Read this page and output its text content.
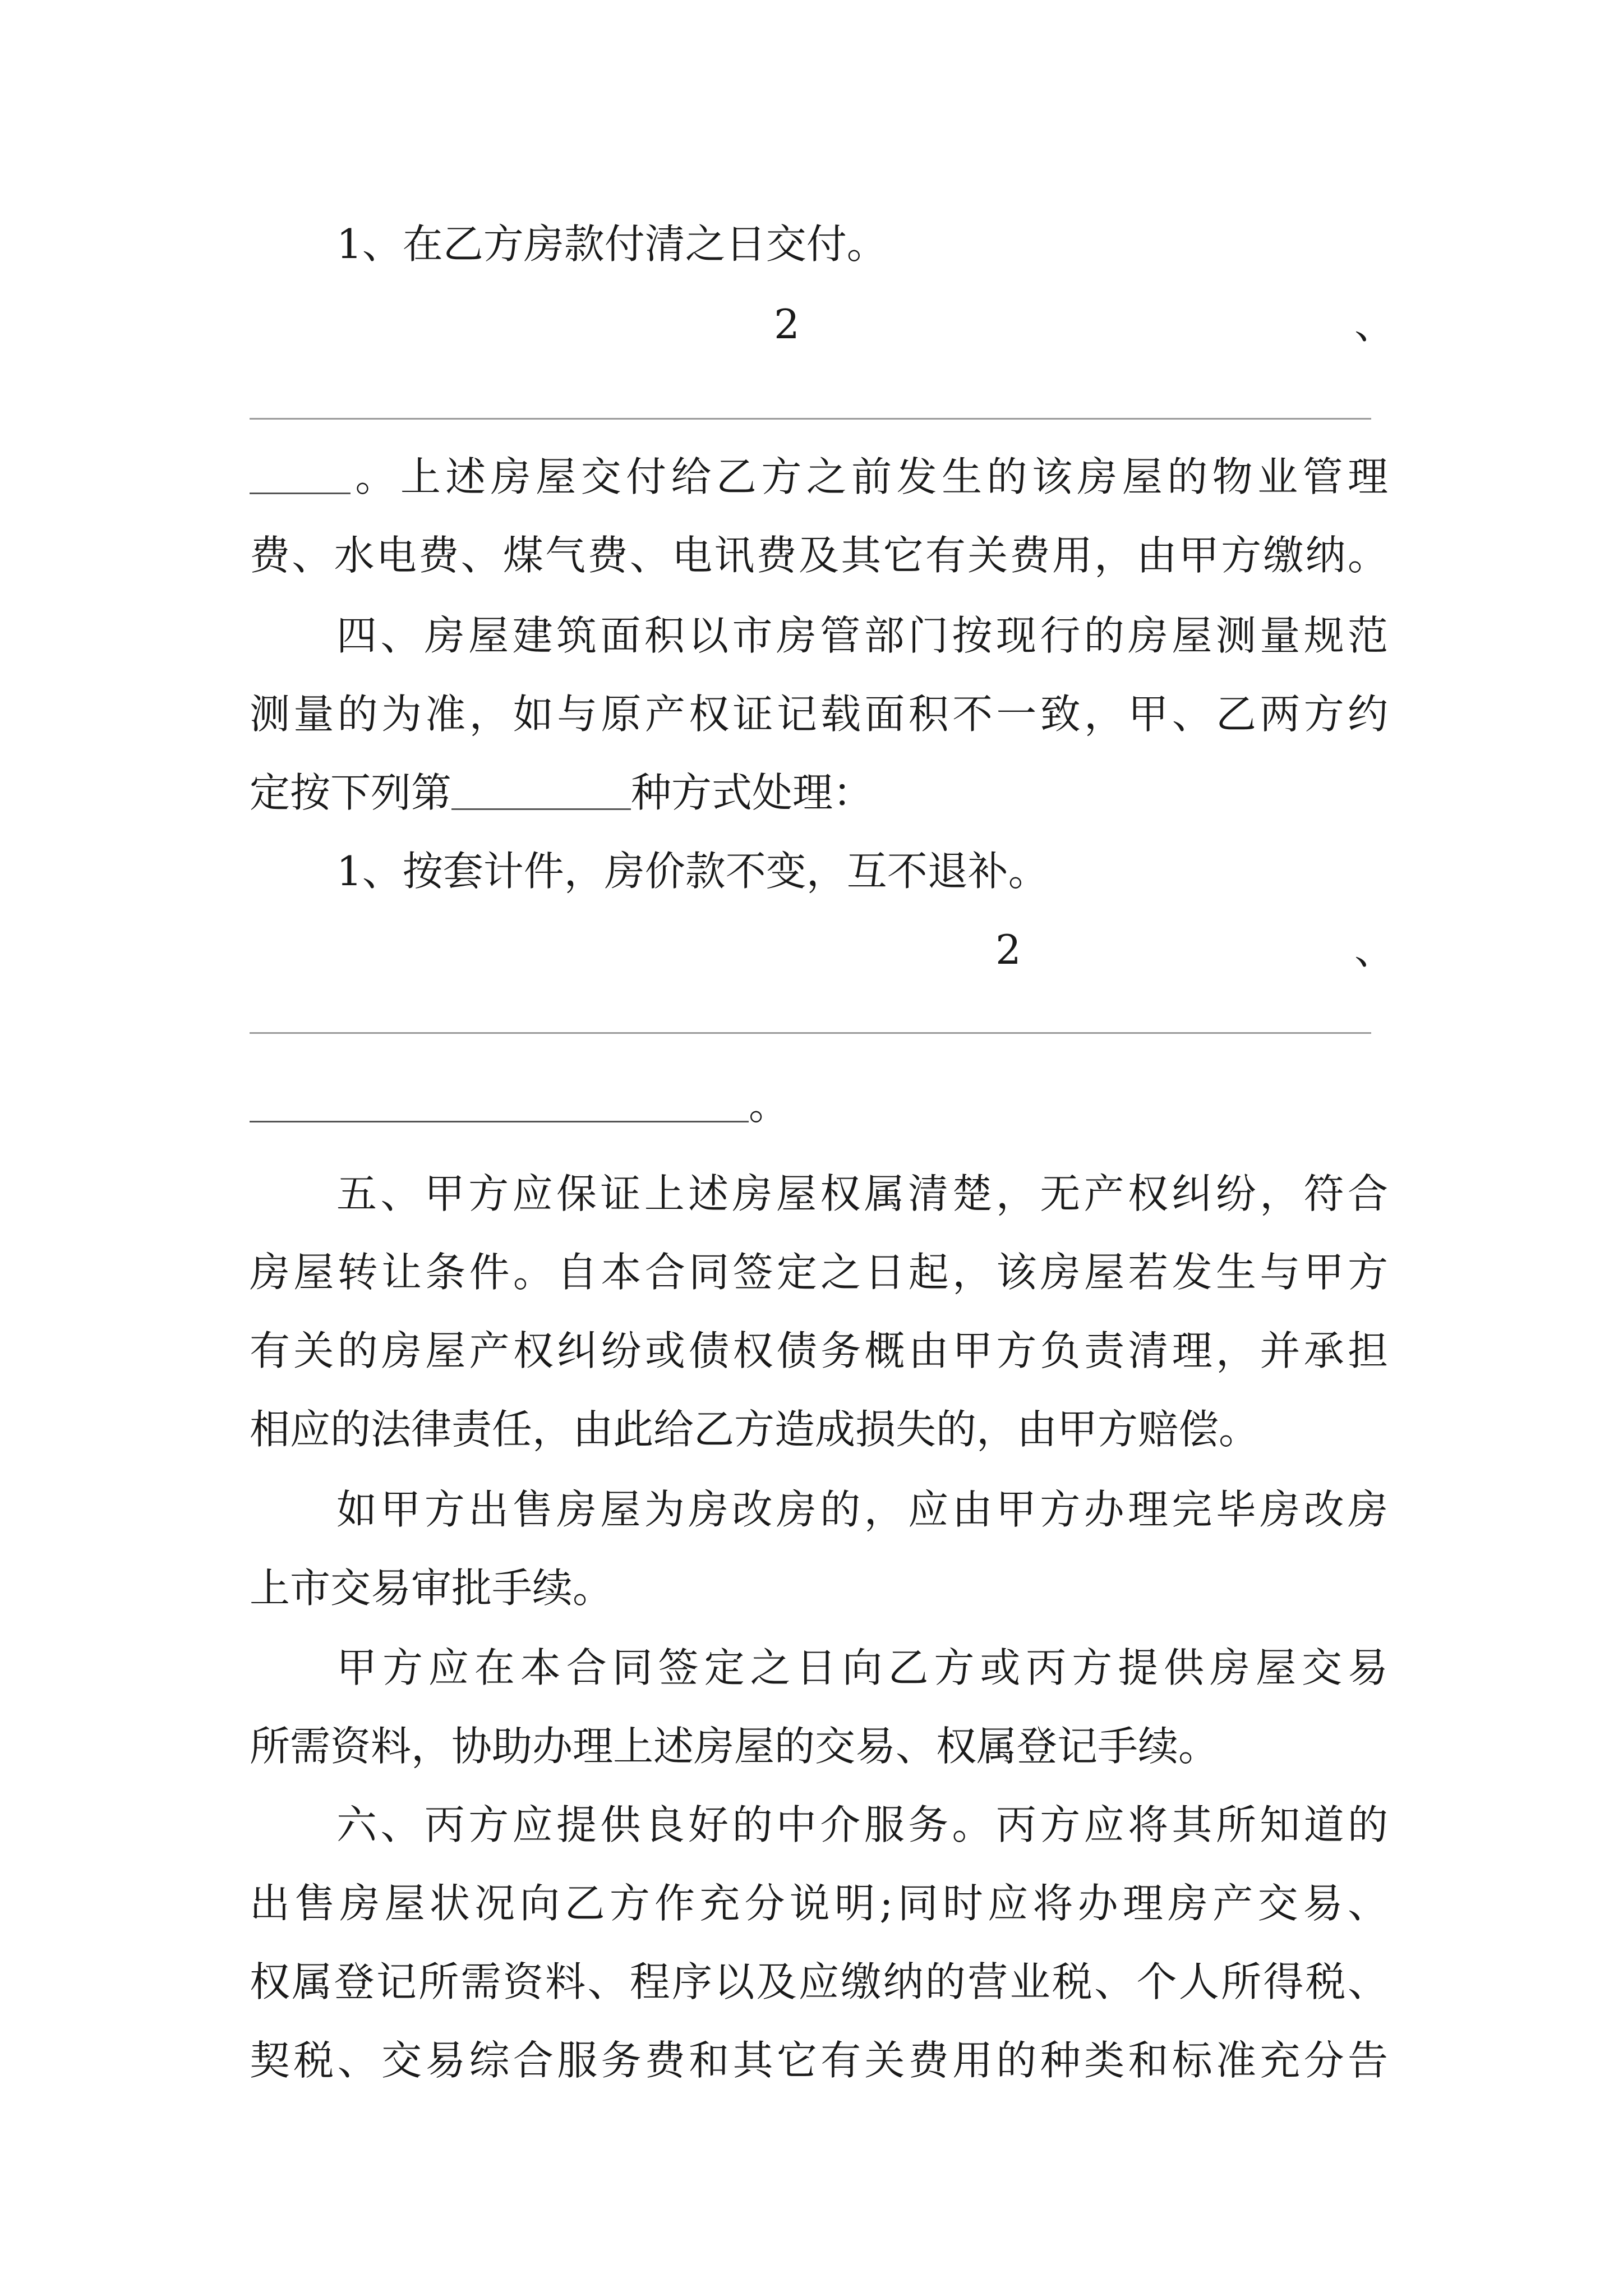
1、在乙方房款付清之日交付。
2	、
。上述房屋交付给乙方之前发生的该房屋的物业管理
费、水电费、煤气费、电讯费及其它有关费用，由甲方缴纳。
四、房屋建筑面积以市房管部门按现行的房屋测量规范
测量的为准，如与原产权证记载面积不一致，甲、乙两方约
定按下列第	种方式处理：
1、按套计件，房价款不变，互不退补。
2	、
。
五、甲方应保证上述房屋权属清楚，无产权纠纷，符合
房屋转让条件。自本合同签定之日起，该房屋若发生与甲方
有关的房屋产权纠纷或债权债务概由甲方负责清理，并承担
相应的法律责任，由此给乙方造成损失的，由甲方赔偿。
如甲方出售房屋为房改房的，应由甲方办理完毕房改房
上市交易审批手续。
甲方应在本合同签定之日向乙方或丙方提供房屋交易
所需资料，协助办理上述房屋的交易、权属登记手续。
六、丙方应提供良好的中介服务。丙方应将其所知道的
出售房屋状况向乙方作充分说明;同时应将办理房产交易、
权属登记所需资料、程序以及应缴纳的营业税、个人所得税、
契税、交易综合服务费和其它有关费用的种类和标准充分告
